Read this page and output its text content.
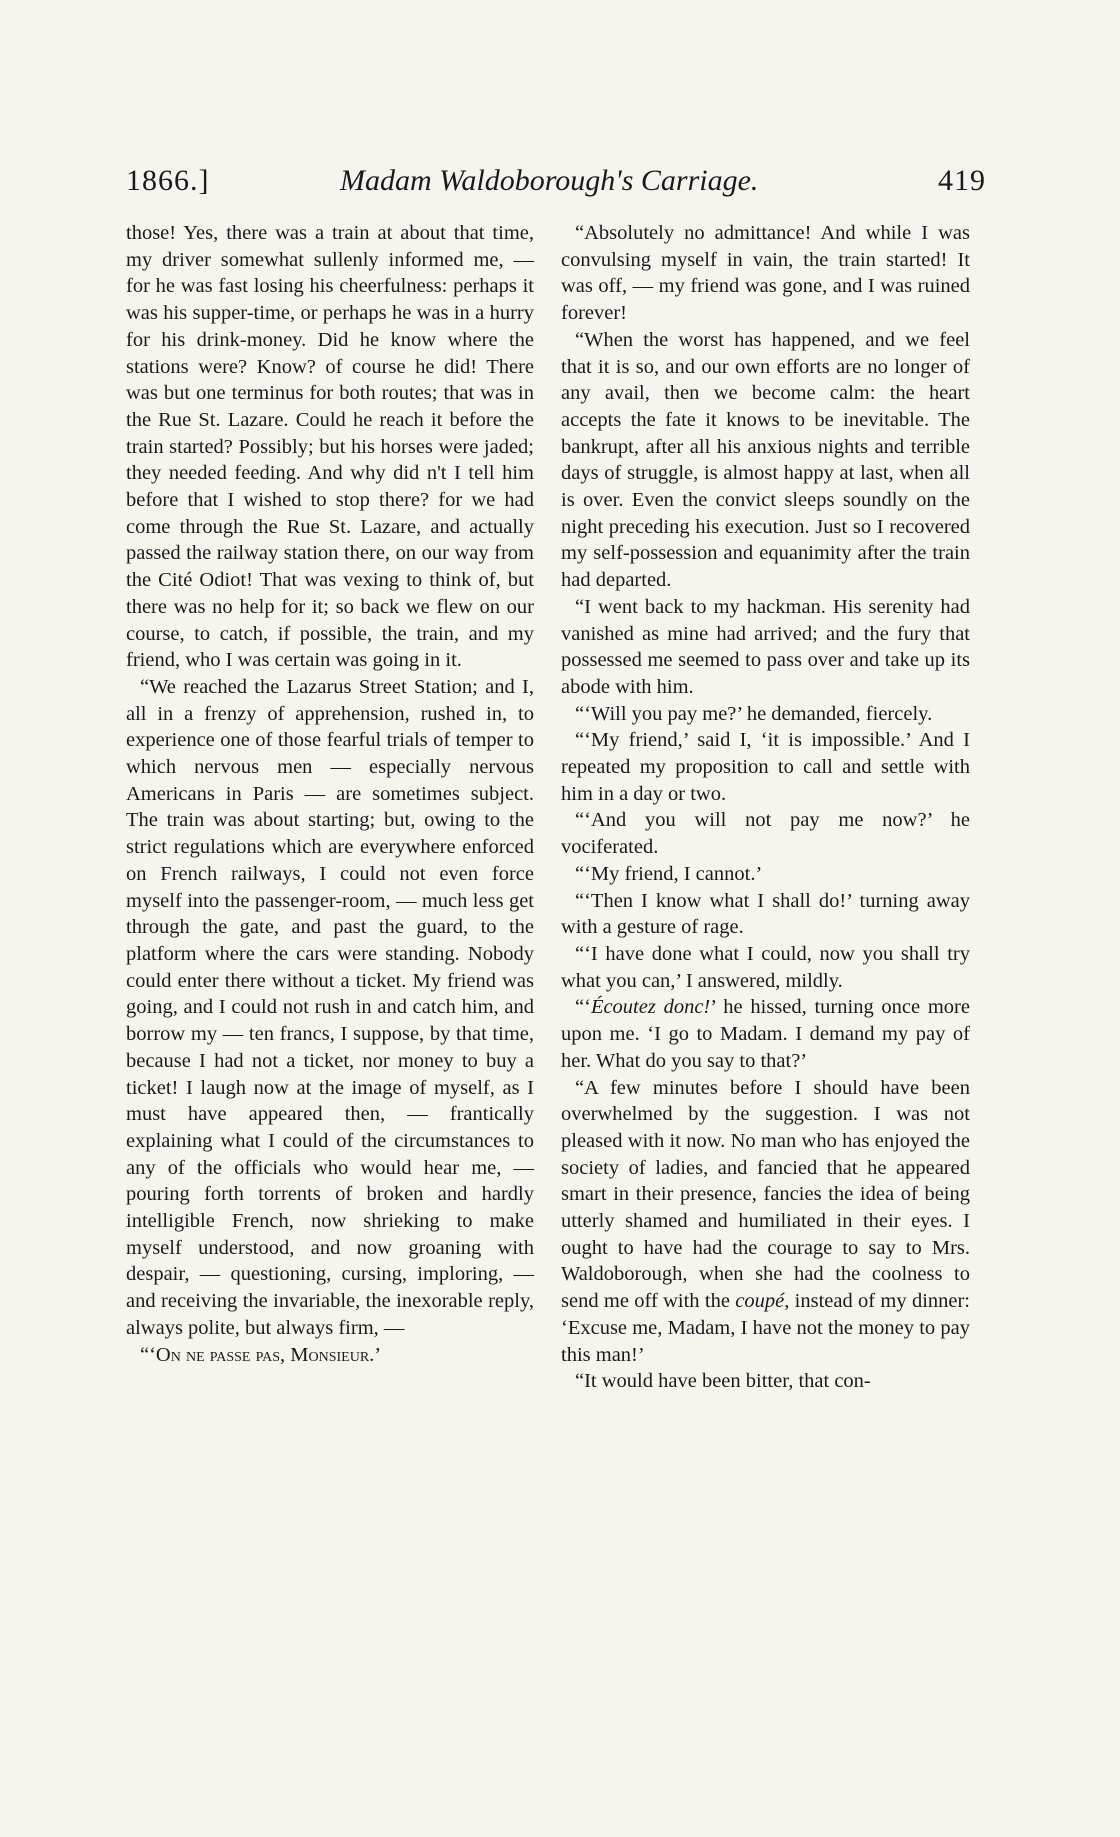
1866.]	Madam Waldoborough's Carriage.	419

those! Yes, there was a train at about that time, my driver somewhat sullenly informed me, — for he was fast losing his cheerfulness: perhaps it was his supper-time, or perhaps he was in a hurry for his drink-money. Did he know where the stations were? Know? of course he did! There was but one terminus for both routes; that was in the Rue St. Lazare. Could he reach it before the train started? Possibly; but his horses were jaded; they needed feeding. And why did n't I tell him before that I wished to stop there? for we had come through the Rue St. Lazare, and actually passed the railway station there, on our way from the Cité Odiot! That was vexing to think of, but there was no help for it; so back we flew on our course, to catch, if possible, the train, and my friend, who I was certain was going in it.

“We reached the Lazarus Street Station; and I, all in a frenzy of apprehension, rushed in, to experience one of those fearful trials of temper to which nervous men — especially nervous Americans in Paris — are sometimes subject. The train was about starting; but, owing to the strict regulations which are everywhere enforced on French railways, I could not even force myself into the passenger-room, — much less get through the gate, and past the guard, to the platform where the cars were standing. Nobody could enter there without a ticket. My friend was going, and I could not rush in and catch him, and borrow my — ten francs, I suppose, by that time, because I had not a ticket, nor money to buy a ticket! I laugh now at the image of myself, as I must have appeared then, — frantically explaining what I could of the circumstances to any of the officials who would hear me, — pouring forth torrents of broken and hardly intelligible French, now shrieking to make myself understood, and now groaning with despair, — questioning, cursing, imploring, — and receiving the invariable, the inexorable reply, always polite, but always firm, —

“‘On ne passe pas, Monsieur.’

“Absolutely no admittance! And while I was convulsing myself in vain, the train started! It was off, — my friend was gone, and I was ruined forever!

“When the worst has happened, and we feel that it is so, and our own efforts are no longer of any avail, then we become calm: the heart accepts the fate it knows to be inevitable. The bankrupt, after all his anxious nights and terrible days of struggle, is almost happy at last, when all is over. Even the convict sleeps soundly on the night preceding his execution. Just so I recovered my self-possession and equanimity after the train had departed.

“I went back to my hackman. His serenity had vanished as mine had arrived; and the fury that possessed me seemed to pass over and take up its abode with him.

“‘Will you pay me?’ he demanded, fiercely.

“‘My friend,’ said I, ‘it is impossible.’ And I repeated my proposition to call and settle with him in a day or two.

“‘And you will not pay me now?’ he vociferated.

“‘My friend, I cannot.’

“‘Then I know what I shall do!’ turning away with a gesture of rage.

“‘I have done what I could, now you shall try what you can,’ I answered, mildly.

“‘Écoutez donc!’ he hissed, turning once more upon me. ‘I go to Madam. I demand my pay of her. What do you say to that?’

“A few minutes before I should have been overwhelmed by the suggestion. I was not pleased with it now. No man who has enjoyed the society of ladies, and fancied that he appeared smart in their presence, fancies the idea of being utterly shamed and humiliated in their eyes. I ought to have had the courage to say to Mrs. Waldoborough, when she had the coolness to send me off with the coupé, instead of my dinner: ‘Excuse me, Madam, I have not the money to pay this man!’

“It would have been bitter, that con-
